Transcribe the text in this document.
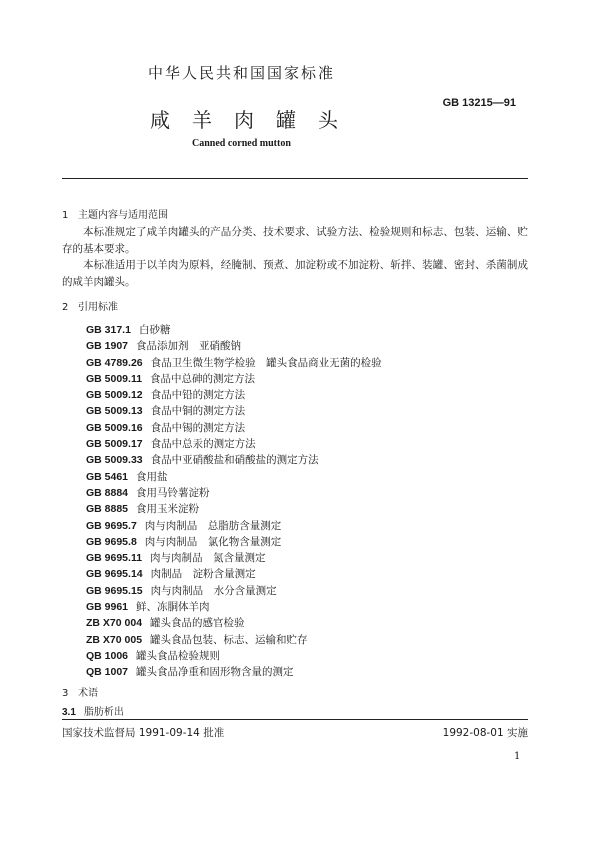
中华人民共和国国家标准
GB 13215—91
咸羊肉罐头
Canned corned mutton
1 主题内容与适用范围
本标准规定了咸羊肉罐头的产品分类、技术要求、试验方法、检验规则和标志、包装、运输、贮存的基本要求。
本标准适用于以羊肉为原料，经腌制、预煮、加淀粉或不加淀粉、斩拌、装罐、密封、杀菌制成的咸羊肉罐头。
2 引用标准
GB 317.1 白砂糖
GB 1907 食品添加剂　亚硝酸钠
GB 4789.26 食品卫生微生物学检验　罐头食品商业无菌的检验
GB 5009.11 食品中总砷的测定方法
GB 5009.12 食品中铅的测定方法
GB 5009.13 食品中铜的测定方法
GB 5009.16 食品中锡的测定方法
GB 5009.17 食品中总汞的测定方法
GB 5009.33 食品中亚硝酸盐和硝酸盐的测定方法
GB 5461 食用盐
GB 8884 食用马铃薯淀粉
GB 8885 食用玉米淀粉
GB 9695.7 肉与肉制品　总脂肪含量测定
GB 9695.8 肉与肉制品　氯化物含量测定
GB 9695.11 肉与肉制品　氮含量测定
GB 9695.14 肉制品　淀粉含量测定
GB 9695.15 肉与肉制品　水分含量测定
GB 9961 鲜、冻胴体羊肉
ZB X70 004 罐头食品的感官检验
ZB X70 005 罐头食品包装、标志、运输和贮存
QB 1006 罐头食品检验规则
QB 1007 罐头食品净重和固形物含量的测定
3 术语
3.1 脂肪析出
国家技术监督局 1991-09-14 批准	1992-08-01 实施
1
